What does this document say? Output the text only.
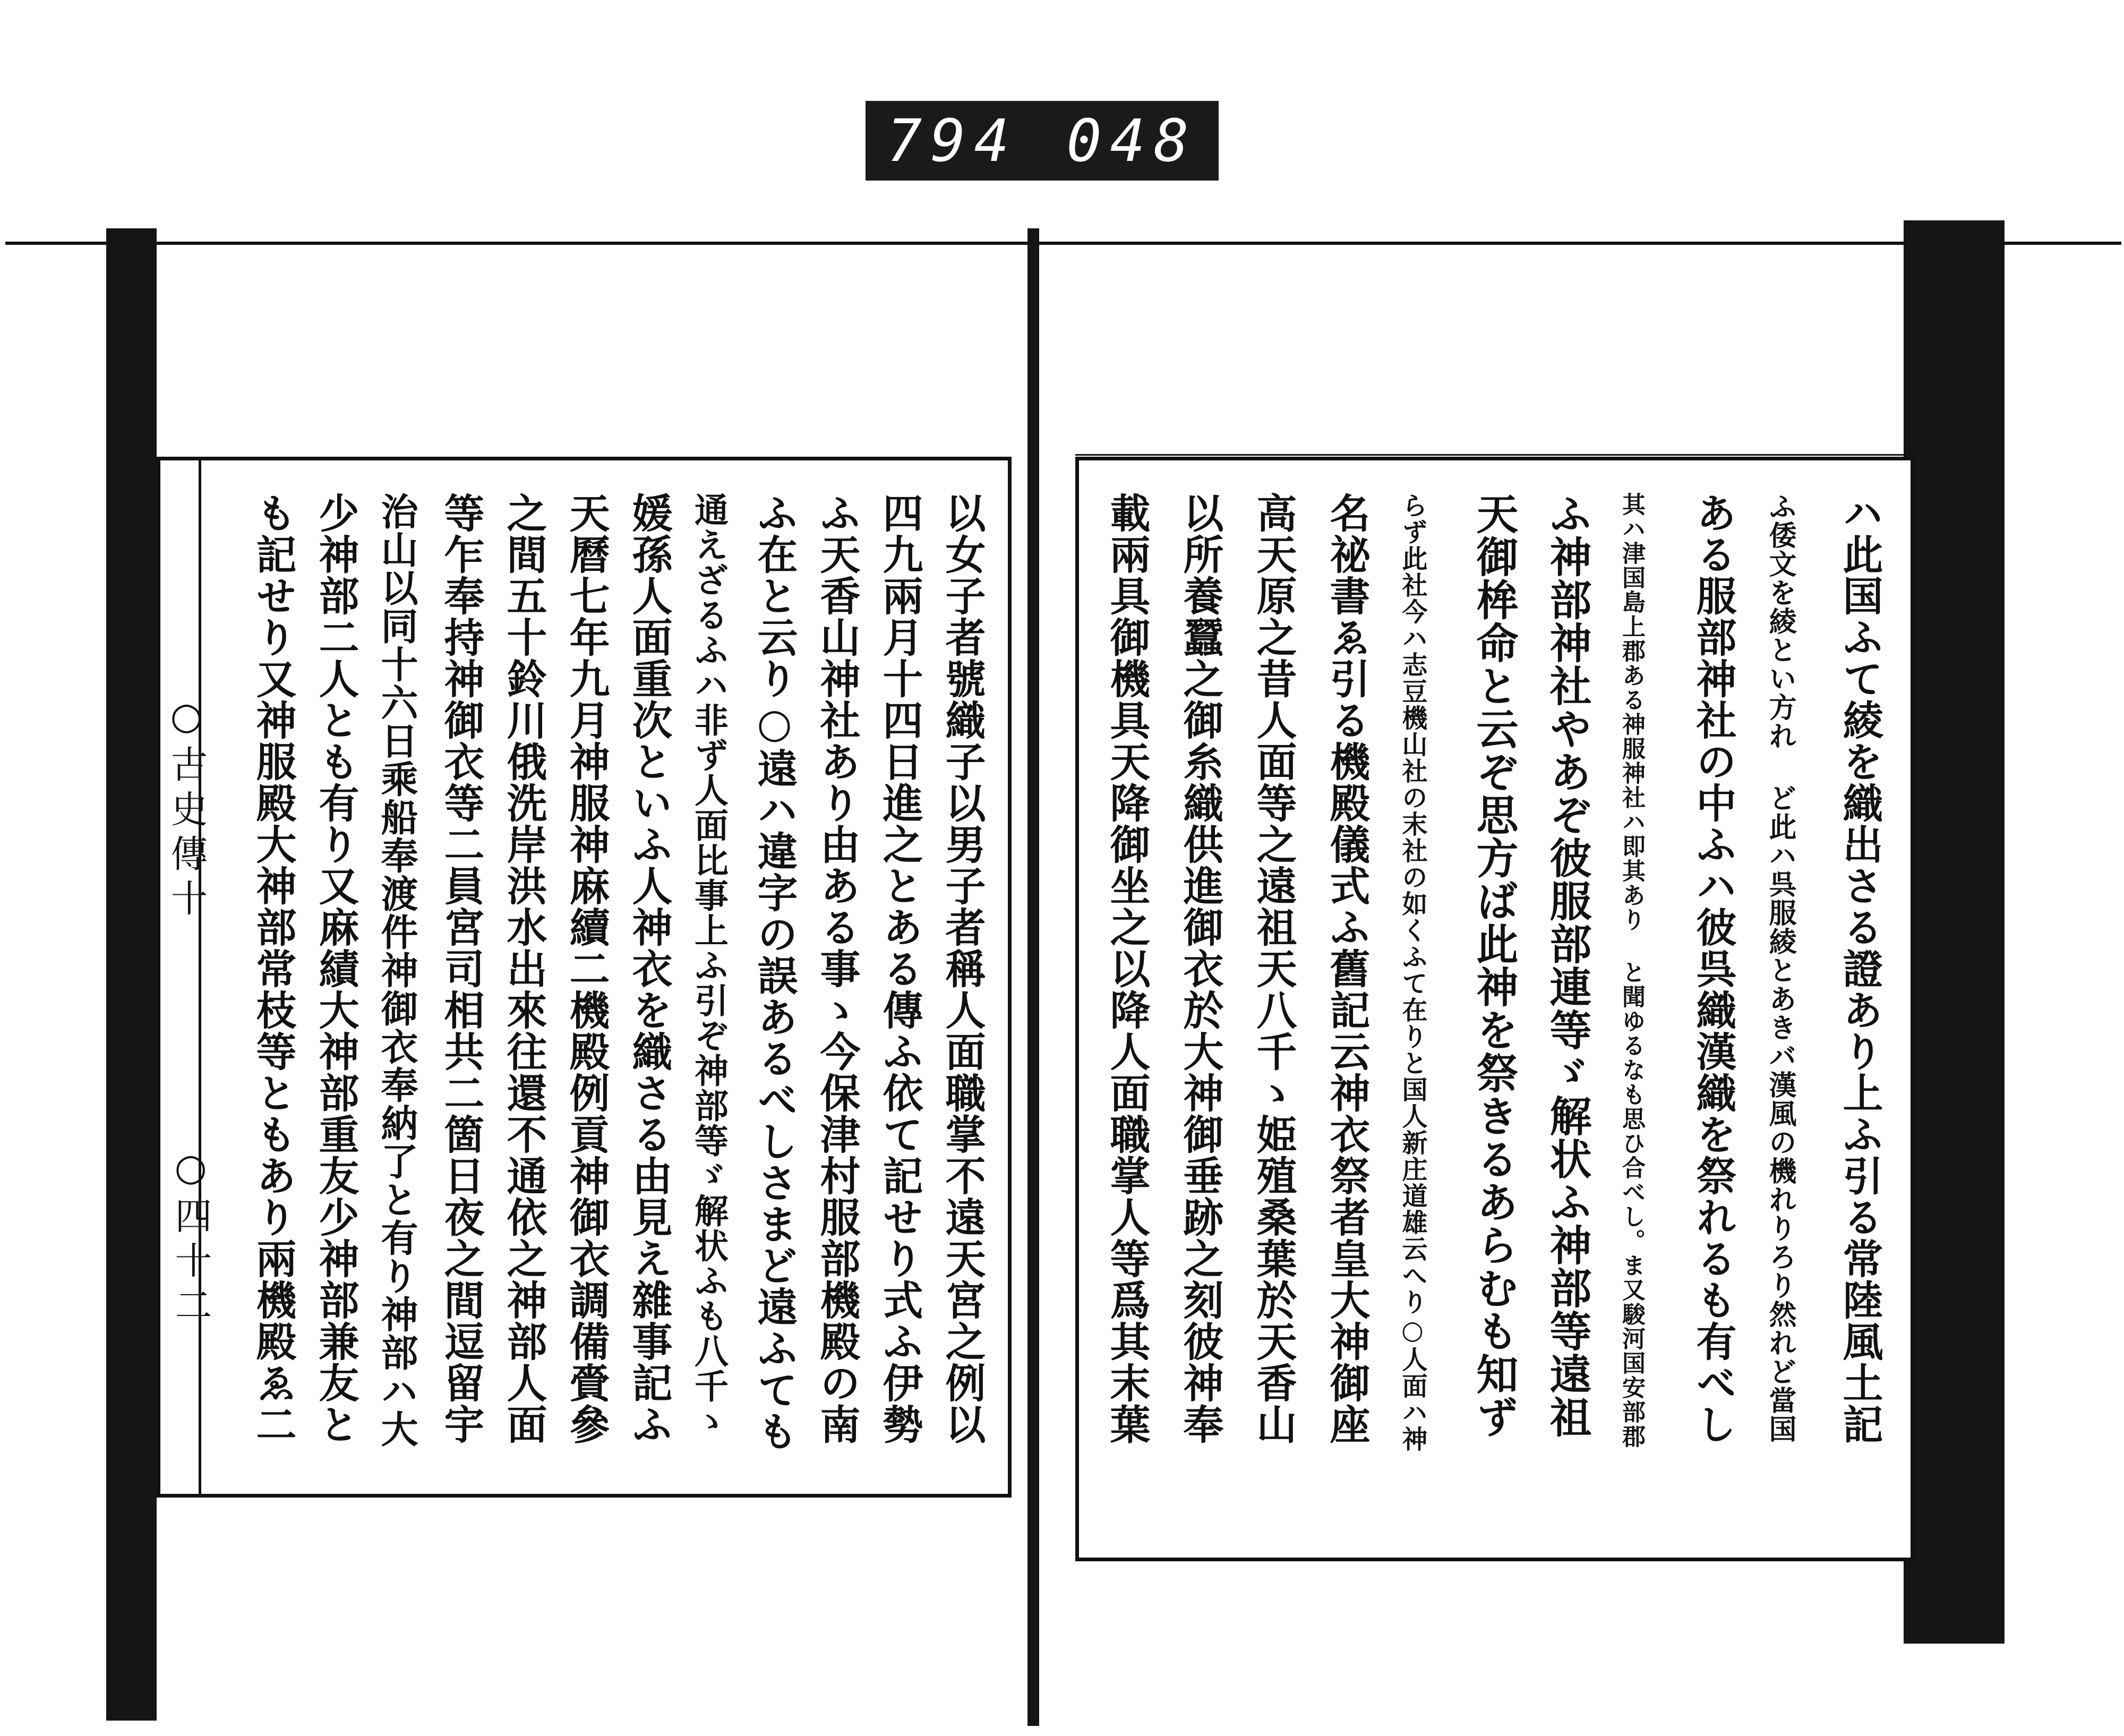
794 048
○古史傳十
○四十二	以女子者號織子以男子者稱人面職掌不遠天宮之例以
四九兩月十四日進之とある傳ふ依て記せり式ふ伊勢
ふ天香山神社あり由ある事ゝ今保津村服部機殿の南
ふ在と云り○遠ハ違字の誤あるべしさまど遠ふても
通えざるふハ非ず人面比事上ふ引ぞ神部等ゞ解状ふも八千ゝ
媛孫人面重次といふ人神衣を織さる由見え雜事記ふ
天曆七年九月神服神麻續二機殿例貢神御衣調備賫參
之間五十鈴川俄洗岸洪水出來往還不通依之神部人面
等乍奉持神御衣等二員宮司相共二箇日夜之間逗留宇
治山以同十六日乘船奉渡件神御衣奉納了と有り神部ハ大
少神部二人とも有り又麻績大神部重友少神部兼友と
も記せり又神服殿大神部常枝等ともあり兩機殿ゑ二	ハ此国ふて綾を織出さる證あり上ふ引る常陸風土記
ふ倭文を綾とい方れ ど此ハ呉服綾とあきバ漢風の機れりろり然れど當国
ある服部神社の中ふハ彼呉織漢織を祭れるも有べし
其ハ津国島上郡ある神服神社ハ即其あり と聞ゆるなも思ひ合べし。ま又駿河国安部郡
ふ神部神社やあぞ彼服部連等ゞ解状ふ神部等遠祖
天御桙命と云ぞ思方ば此神を祭きるあらむも知ず
らず此社今ハ志豆機山社の末社の如くふて在りと国人新庄道雄云へり○人面ハ神
名祕書ゑ引る機殿儀式ふ舊記云神衣祭者皇大神御座
高天原之昔人面等之遠祖天八千ゝ姫殖桑葉於天香山
以所養蠶之御糸織供進御衣於大神御垂跡之刻彼神奉
載兩具御機具天降御坐之以降人面職掌人等爲其末葉
